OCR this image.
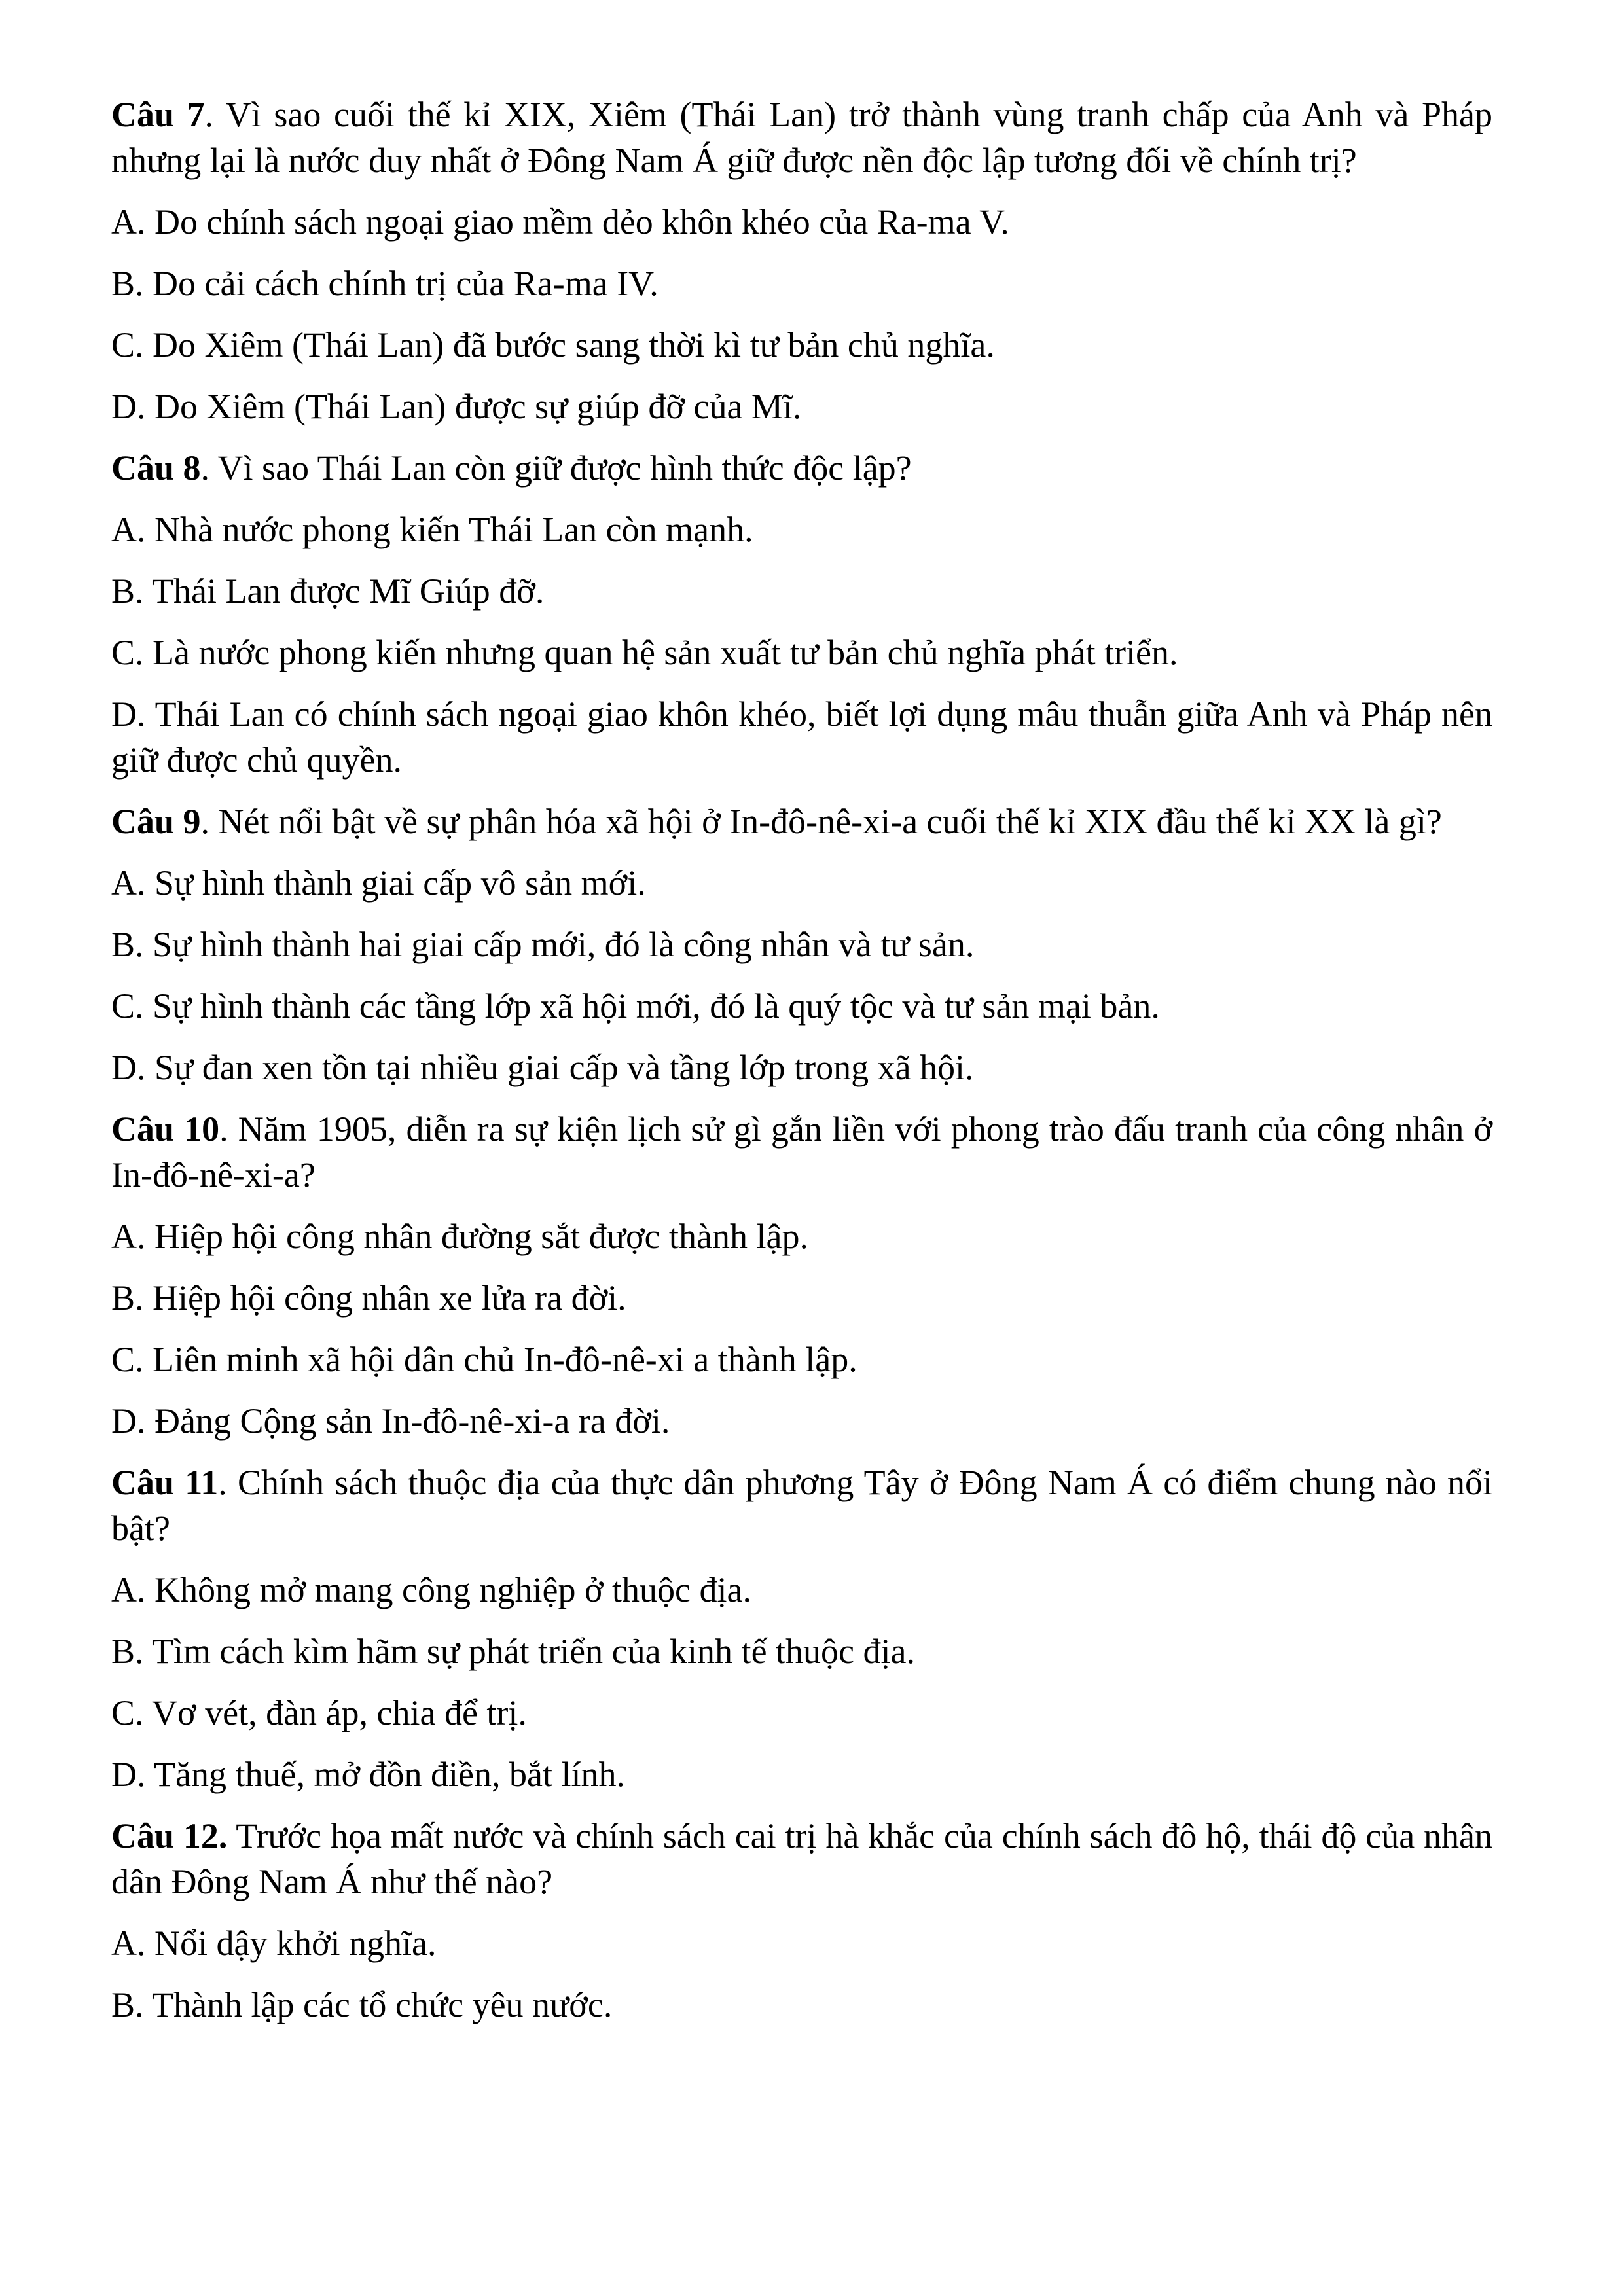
Câu 7. Vì sao cuối thế kỉ XIX, Xiêm (Thái Lan) trở thành vùng tranh chấp của Anh và Pháp nhưng lại là nước duy nhất ở Đông Nam Á giữ được nền độc lập tương đối về chính trị?

A. Do chính sách ngoại giao mềm dẻo khôn khéo của Ra-ma V.

B. Do cải cách chính trị của Ra-ma IV.

C. Do Xiêm (Thái Lan) đã bước sang thời kì tư bản chủ nghĩa.

D. Do Xiêm (Thái Lan) được sự giúp đỡ của Mĩ.

Câu 8. Vì sao Thái Lan còn giữ được hình thức độc lập?

A. Nhà nước phong kiến Thái Lan còn mạnh.

B. Thái Lan được Mĩ Giúp đỡ.

C. Là nước phong kiến nhưng quan hệ sản xuất tư bản chủ nghĩa phát triển.

D. Thái Lan có chính sách ngoại giao khôn khéo, biết lợi dụng mâu thuẫn giữa Anh và Pháp nên giữ được chủ quyền.

Câu 9. Nét nổi bật về sự phân hóa xã hội ở In-đô-nê-xi-a cuối thế kỉ XIX đầu thế kỉ XX là gì?

A. Sự hình thành giai cấp vô sản mới.

B. Sự hình thành hai giai cấp mới, đó là công nhân và tư sản.

C. Sự hình thành các tầng lớp xã hội mới, đó là quý tộc và tư sản mại bản.

D. Sự đan xen tồn tại nhiều giai cấp và tầng lớp trong xã hội.

Câu 10. Năm 1905, diễn ra sự kiện lịch sử gì gắn liền với phong trào đấu tranh của công nhân ở In-đô-nê-xi-a?

A. Hiệp hội công nhân đường sắt được thành lập.

B. Hiệp hội công nhân xe lửa ra đời.

C. Liên minh xã hội dân chủ In-đô-nê-xi a thành lập.

D. Đảng Cộng sản In-đô-nê-xi-a ra đời.

Câu 11. Chính sách thuộc địa của thực dân phương Tây ở Đông Nam Á có điểm chung nào nổi bật?

A. Không mở mang công nghiệp ở thuộc địa.

B. Tìm cách kìm hãm sự phát triển của kinh tế thuộc địa.

C. Vơ vét, đàn áp, chia để trị.

D. Tăng thuế, mở đồn điền, bắt lính.

Câu 12. Trước họa mất nước và chính sách cai trị hà khắc của chính sách đô hộ, thái độ của nhân dân Đông Nam Á như thế nào?

A. Nổi dậy khởi nghĩa.

B. Thành lập các tổ chức yêu nước.
